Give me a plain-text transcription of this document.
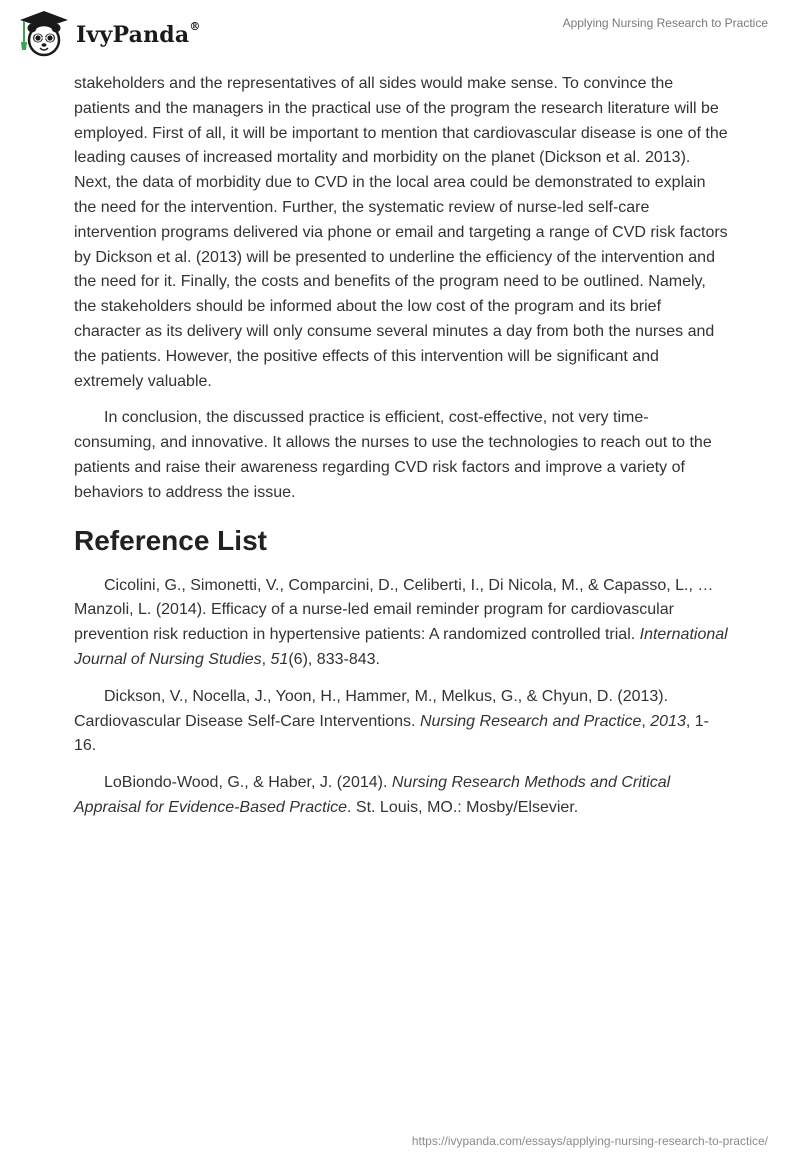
IvyPanda®	Applying Nursing Research to Practice

stakeholders and the representatives of all sides would make sense. To convince the patients and the managers in the practical use of the program the research literature will be employed. First of all, it will be important to mention that cardiovascular disease is one of the leading causes of increased mortality and morbidity on the planet (Dickson et al. 2013). Next, the data of morbidity due to CVD in the local area could be demonstrated to explain the need for the intervention. Further, the systematic review of nurse-led self-care intervention programs delivered via phone or email and targeting a range of CVD risk factors by Dickson et al. (2013) will be presented to underline the efficiency of the intervention and the need for it. Finally, the costs and benefits of the program need to be outlined. Namely, the stakeholders should be informed about the low cost of the program and its brief character as its delivery will only consume several minutes a day from both the nurses and the patients. However, the positive effects of this intervention will be significant and extremely valuable.

In conclusion, the discussed practice is efficient, cost-effective, not very time-consuming, and innovative. It allows the nurses to use the technologies to reach out to the patients and raise their awareness regarding CVD risk factors and improve a variety of behaviors to address the issue.

Reference List

Cicolini, G., Simonetti, V., Comparcini, D., Celiberti, I., Di Nicola, M., & Capasso, L., … Manzoli, L. (2014). Efficacy of a nurse-led email reminder program for cardiovascular prevention risk reduction in hypertensive patients: A randomized controlled trial. International Journal of Nursing Studies, 51(6), 833-843.

Dickson, V., Nocella, J., Yoon, H., Hammer, M., Melkus, G., & Chyun, D. (2013). Cardiovascular Disease Self-Care Interventions. Nursing Research and Practice, 2013, 1-16.

LoBiondo-Wood, G., & Haber, J. (2014). Nursing Research Methods and Critical Appraisal for Evidence-Based Practice. St. Louis, MO.: Mosby/Elsevier.

https://ivypanda.com/essays/applying-nursing-research-to-practice/
